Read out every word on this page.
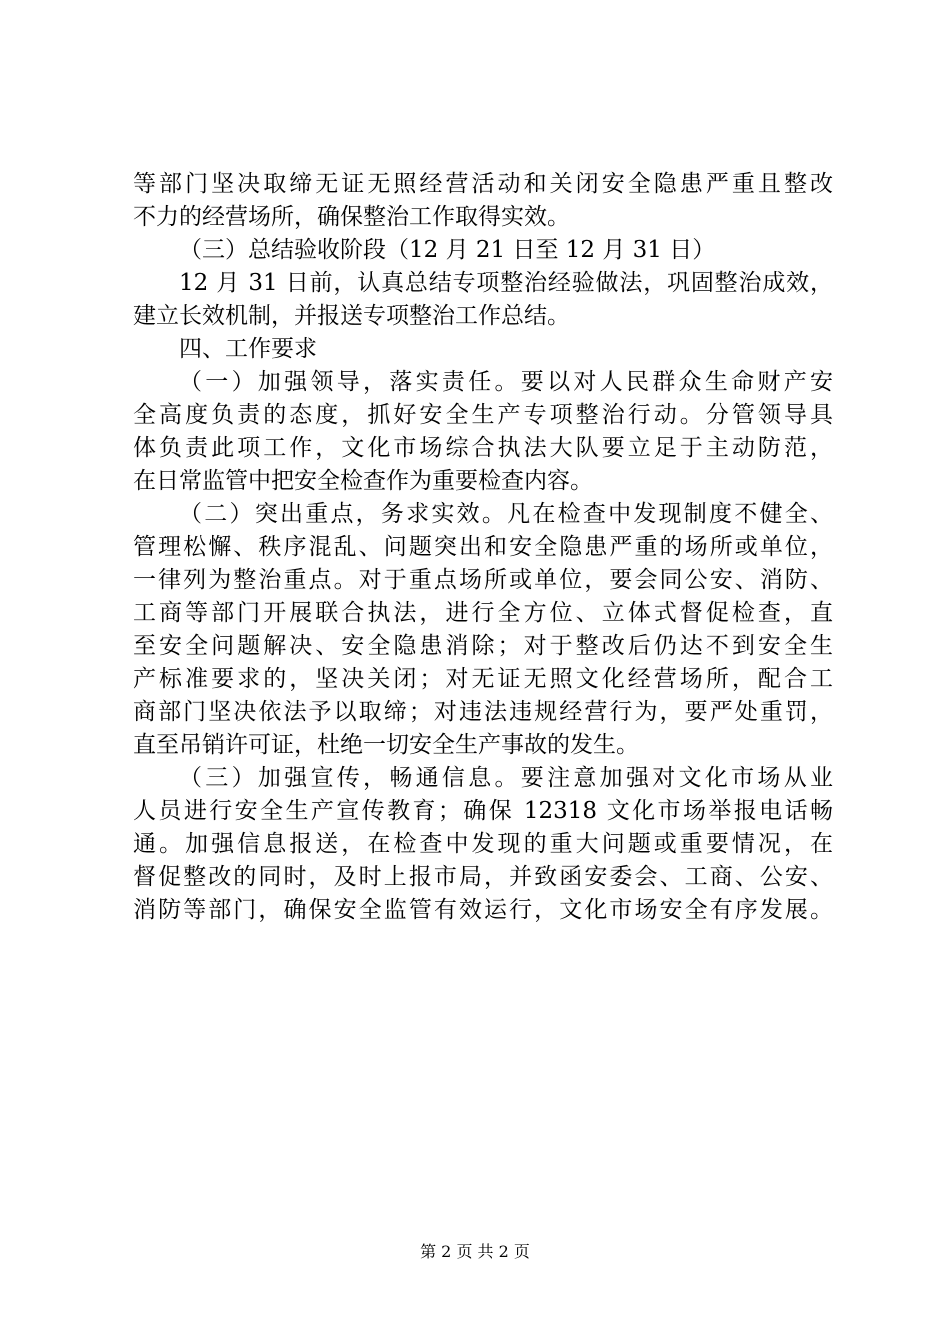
等部门坚决取缔无证无照经营活动和关闭安全隐患严重且整改
不力的经营场所，确保整治工作取得实效。
（三）总结验收阶段（12 月 21 日至 12 月 31 日）
12 月 31 日前，认真总结专项整治经验做法，巩固整治成效，
建立长效机制，并报送专项整治工作总结。
四、工作要求
（一）加强领导，落实责任。要以对人民群众生命财产安
全高度负责的态度，抓好安全生产专项整治行动。分管领导具
体负责此项工作，文化市场综合执法大队要立足于主动防范，
在日常监管中把安全检查作为重要检查内容。
（二）突出重点，务求实效。凡在检查中发现制度不健全、
管理松懈、秩序混乱、问题突出和安全隐患严重的场所或单位，
一律列为整治重点。对于重点场所或单位，要会同公安、消防、
工商等部门开展联合执法，进行全方位、立体式督促检查，直
至安全问题解决、安全隐患消除；对于整改后仍达不到安全生
产标准要求的，坚决关闭；对无证无照文化经营场所，配合工
商部门坚决依法予以取缔；对违法违规经营行为，要严处重罚，
直至吊销许可证，杜绝一切安全生产事故的发生。
（三）加强宣传，畅通信息。要注意加强对文化市场从业
人员进行安全生产宣传教育；确保 12318 文化市场举报电话畅
通。加强信息报送，在检查中发现的重大问题或重要情况，在
督促整改的同时，及时上报市局，并致函安委会、工商、公安、
消防等部门，确保安全监管有效运行，文化市场安全有序发展。
第 2 页 共 2 页
